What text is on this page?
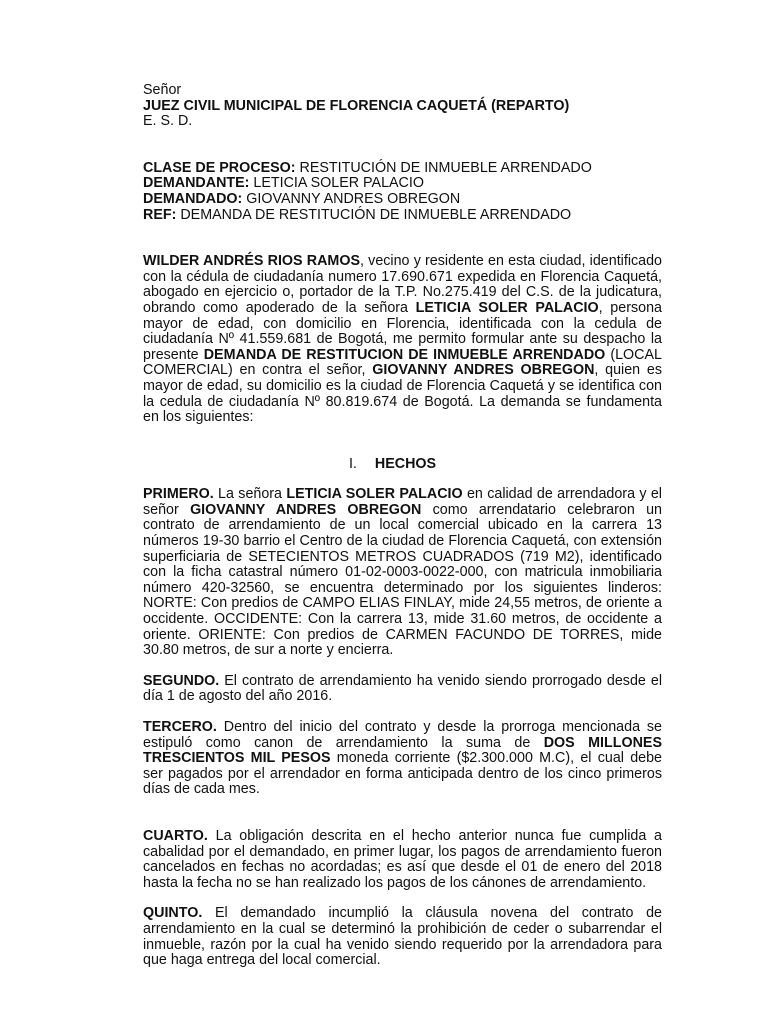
Señor

JUEZ CIVIL MUNICIPAL DE FLORENCIA CAQUETÁ (REPARTO)

E. S. D.

CLASE DE PROCESO: RESTITUCIÓN DE INMUEBLE ARRENDADO

DEMANDANTE: LETICIA SOLER PALACIO

DEMANDADO: GIOVANNY ANDRES OBREGON

REF: DEMANDA DE RESTITUCIÓN DE INMUEBLE ARRENDADO

WILDER ANDRÉS RIOS RAMOS, vecino y residente en esta ciudad, identificado con la cédula de ciudadanía numero 17.690.671 expedida en Florencia Caquetá, abogado en ejercicio o, portador de la T.P. No.275.419 del C.S. de la judicatura, obrando como apoderado de la señora LETICIA SOLER PALACIO, persona mayor de edad, con domicilio en Florencia, identificada con la cedula de ciudadanía Nº 41.559.681 de Bogotá, me permito formular ante su despacho la presente DEMANDA DE RESTITUCION DE INMUEBLE ARRENDADO (LOCAL COMERCIAL) en contra el señor, GIOVANNY ANDRES OBREGON, quien es mayor de edad, su domicilio es la ciudad de Florencia Caquetá y se identifica con la cedula de ciudadanía Nº 80.819.674 de Bogotá. La demanda se fundamenta en los siguientes:

I. HECHOS

PRIMERO. La señora LETICIA SOLER PALACIO en calidad de arrendadora y el señor GIOVANNY ANDRES OBREGON como arrendatario celebraron un contrato de arrendamiento de un local comercial ubicado en la carrera 13 números 19-30 barrio el Centro de la ciudad de Florencia Caquetá, con extensión superficiaria de SETECIENTOS METROS CUADRADOS (719 M2), identificado con la ficha catastral número 01-02-0003-0022-000, con matricula inmobiliaria número 420-32560, se encuentra determinado por los siguientes linderos: NORTE: Con predios de CAMPO ELIAS FINLAY, mide 24,55 metros, de oriente a occidente. OCCIDENTE: Con la carrera 13, mide 31.60 metros, de occidente a oriente. ORIENTE: Con predios de CARMEN FACUNDO DE TORRES, mide 30.80 metros, de sur a norte y encierra.

SEGUNDO. El contrato de arrendamiento ha venido siendo prorrogado desde el día 1 de agosto del año 2016.

TERCERO. Dentro del inicio del contrato y desde la prorroga mencionada se estipuló como canon de arrendamiento la suma de DOS MILLONES TRESCIENTOS MIL PESOS moneda corriente ($2.300.000 M.C), el cual debe ser pagados por el arrendador en forma anticipada dentro de los cinco primeros días de cada mes.

CUARTO. La obligación descrita en el hecho anterior nunca fue cumplida a cabalidad por el demandado, en primer lugar, los pagos de arrendamiento fueron cancelados en fechas no acordadas; es así que desde el 01 de enero del 2018 hasta la fecha no se han realizado los pagos de los cánones de arrendamiento.

QUINTO. El demandado incumplió la cláusula novena del contrato de arrendamiento en la cual se determinó la prohibición de ceder o subarrendar el inmueble, razón por la cual ha venido siendo requerido por la arrendadora para que haga entrega del local comercial.
